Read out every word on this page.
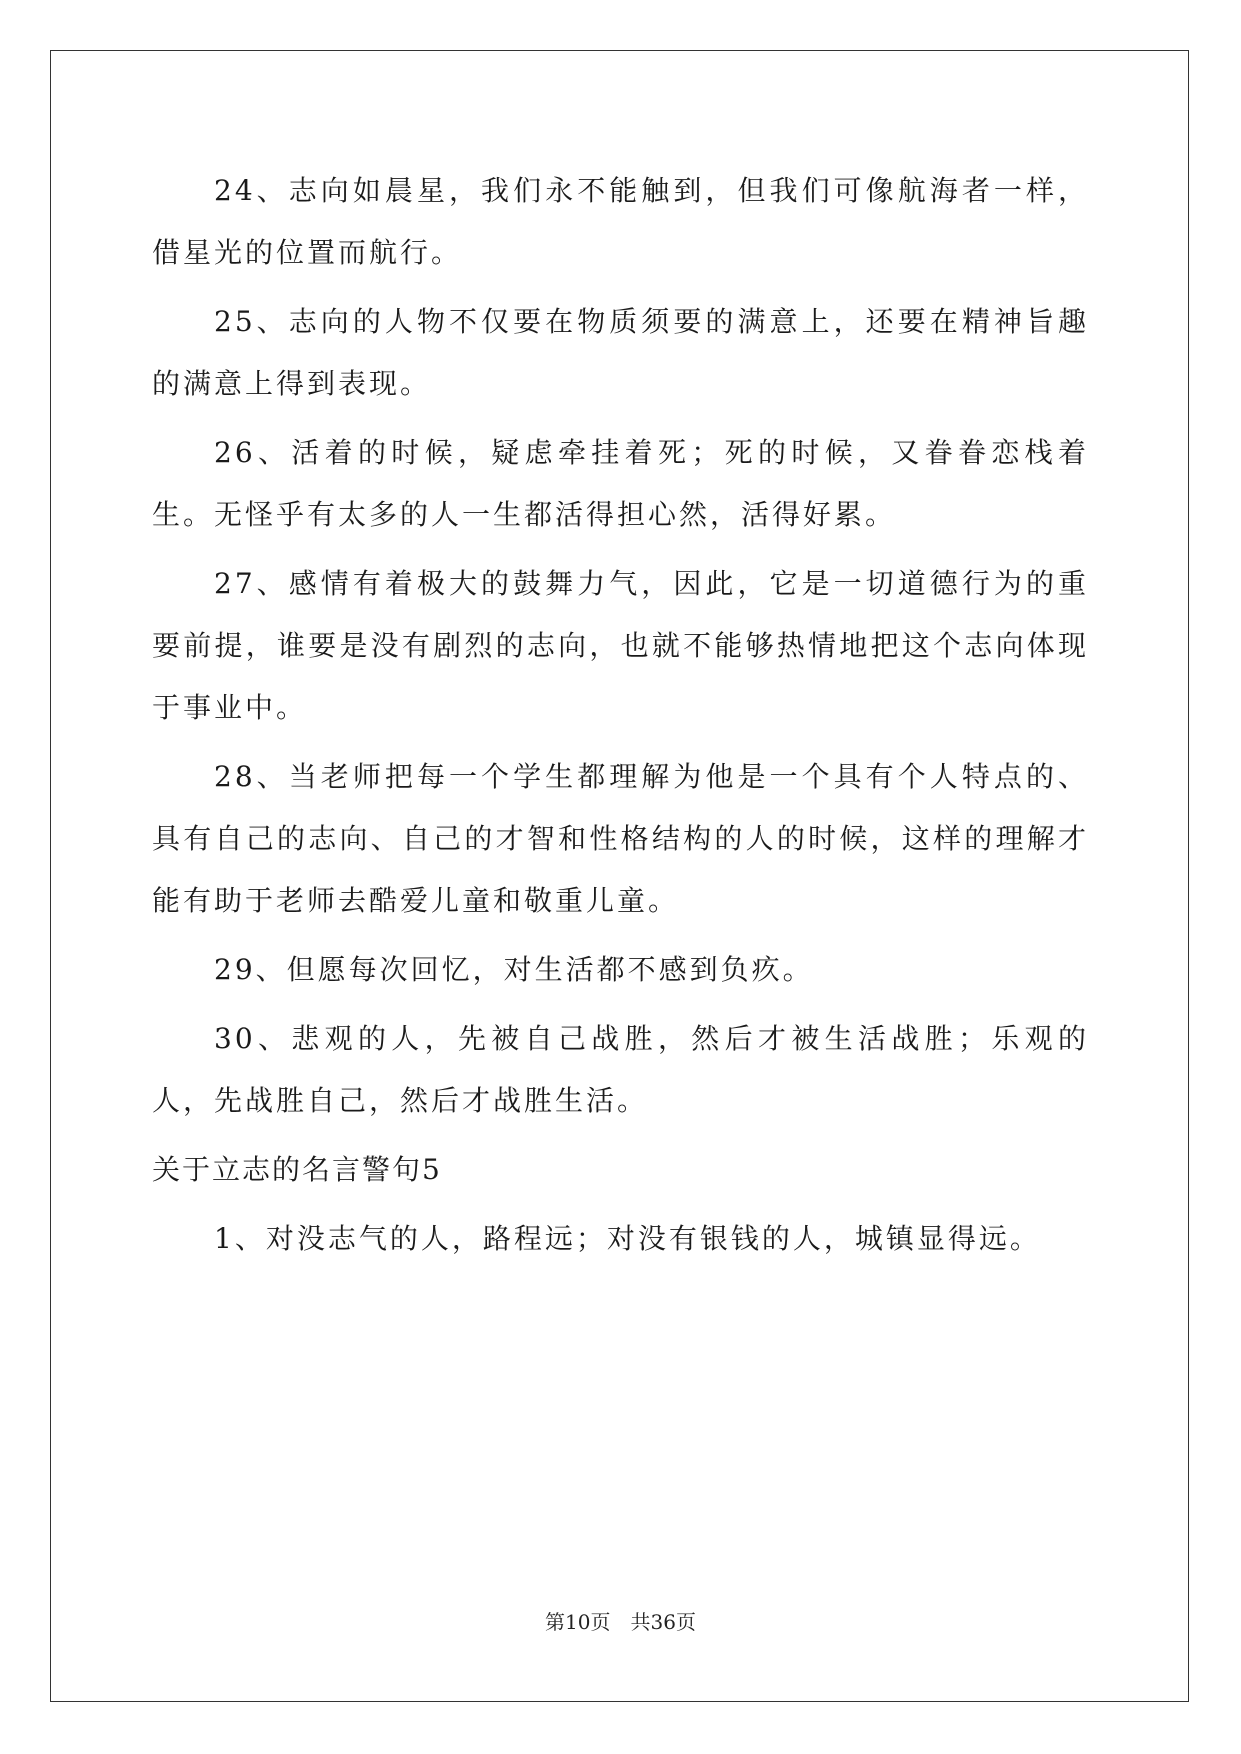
24、志向如晨星，我们永不能触到，但我们可像航海者一样，借星光的位置而航行。

25、志向的人物不仅要在物质须要的满意上，还要在精神旨趣的满意上得到表现。

26、活着的时候，疑虑牵挂着死；死的时候，又眷眷恋栈着生。无怪乎有太多的人一生都活得担心然，活得好累。

27、感情有着极大的鼓舞力气，因此，它是一切道德行为的重要前提，谁要是没有剧烈的志向，也就不能够热情地把这个志向体现于事业中。

28、当老师把每一个学生都理解为他是一个具有个人特点的、具有自己的志向、自己的才智和性格结构的人的时候，这样的理解才能有助于老师去酷爱儿童和敬重儿童。

29、但愿每次回忆，对生活都不感到负疚。

30、悲观的人，先被自己战胜，然后才被生活战胜；乐观的人，先战胜自己，然后才战胜生活。

关于立志的名言警句5

1、对没志气的人，路程远；对没有银钱的人，城镇显得远。

第10页　共36页
